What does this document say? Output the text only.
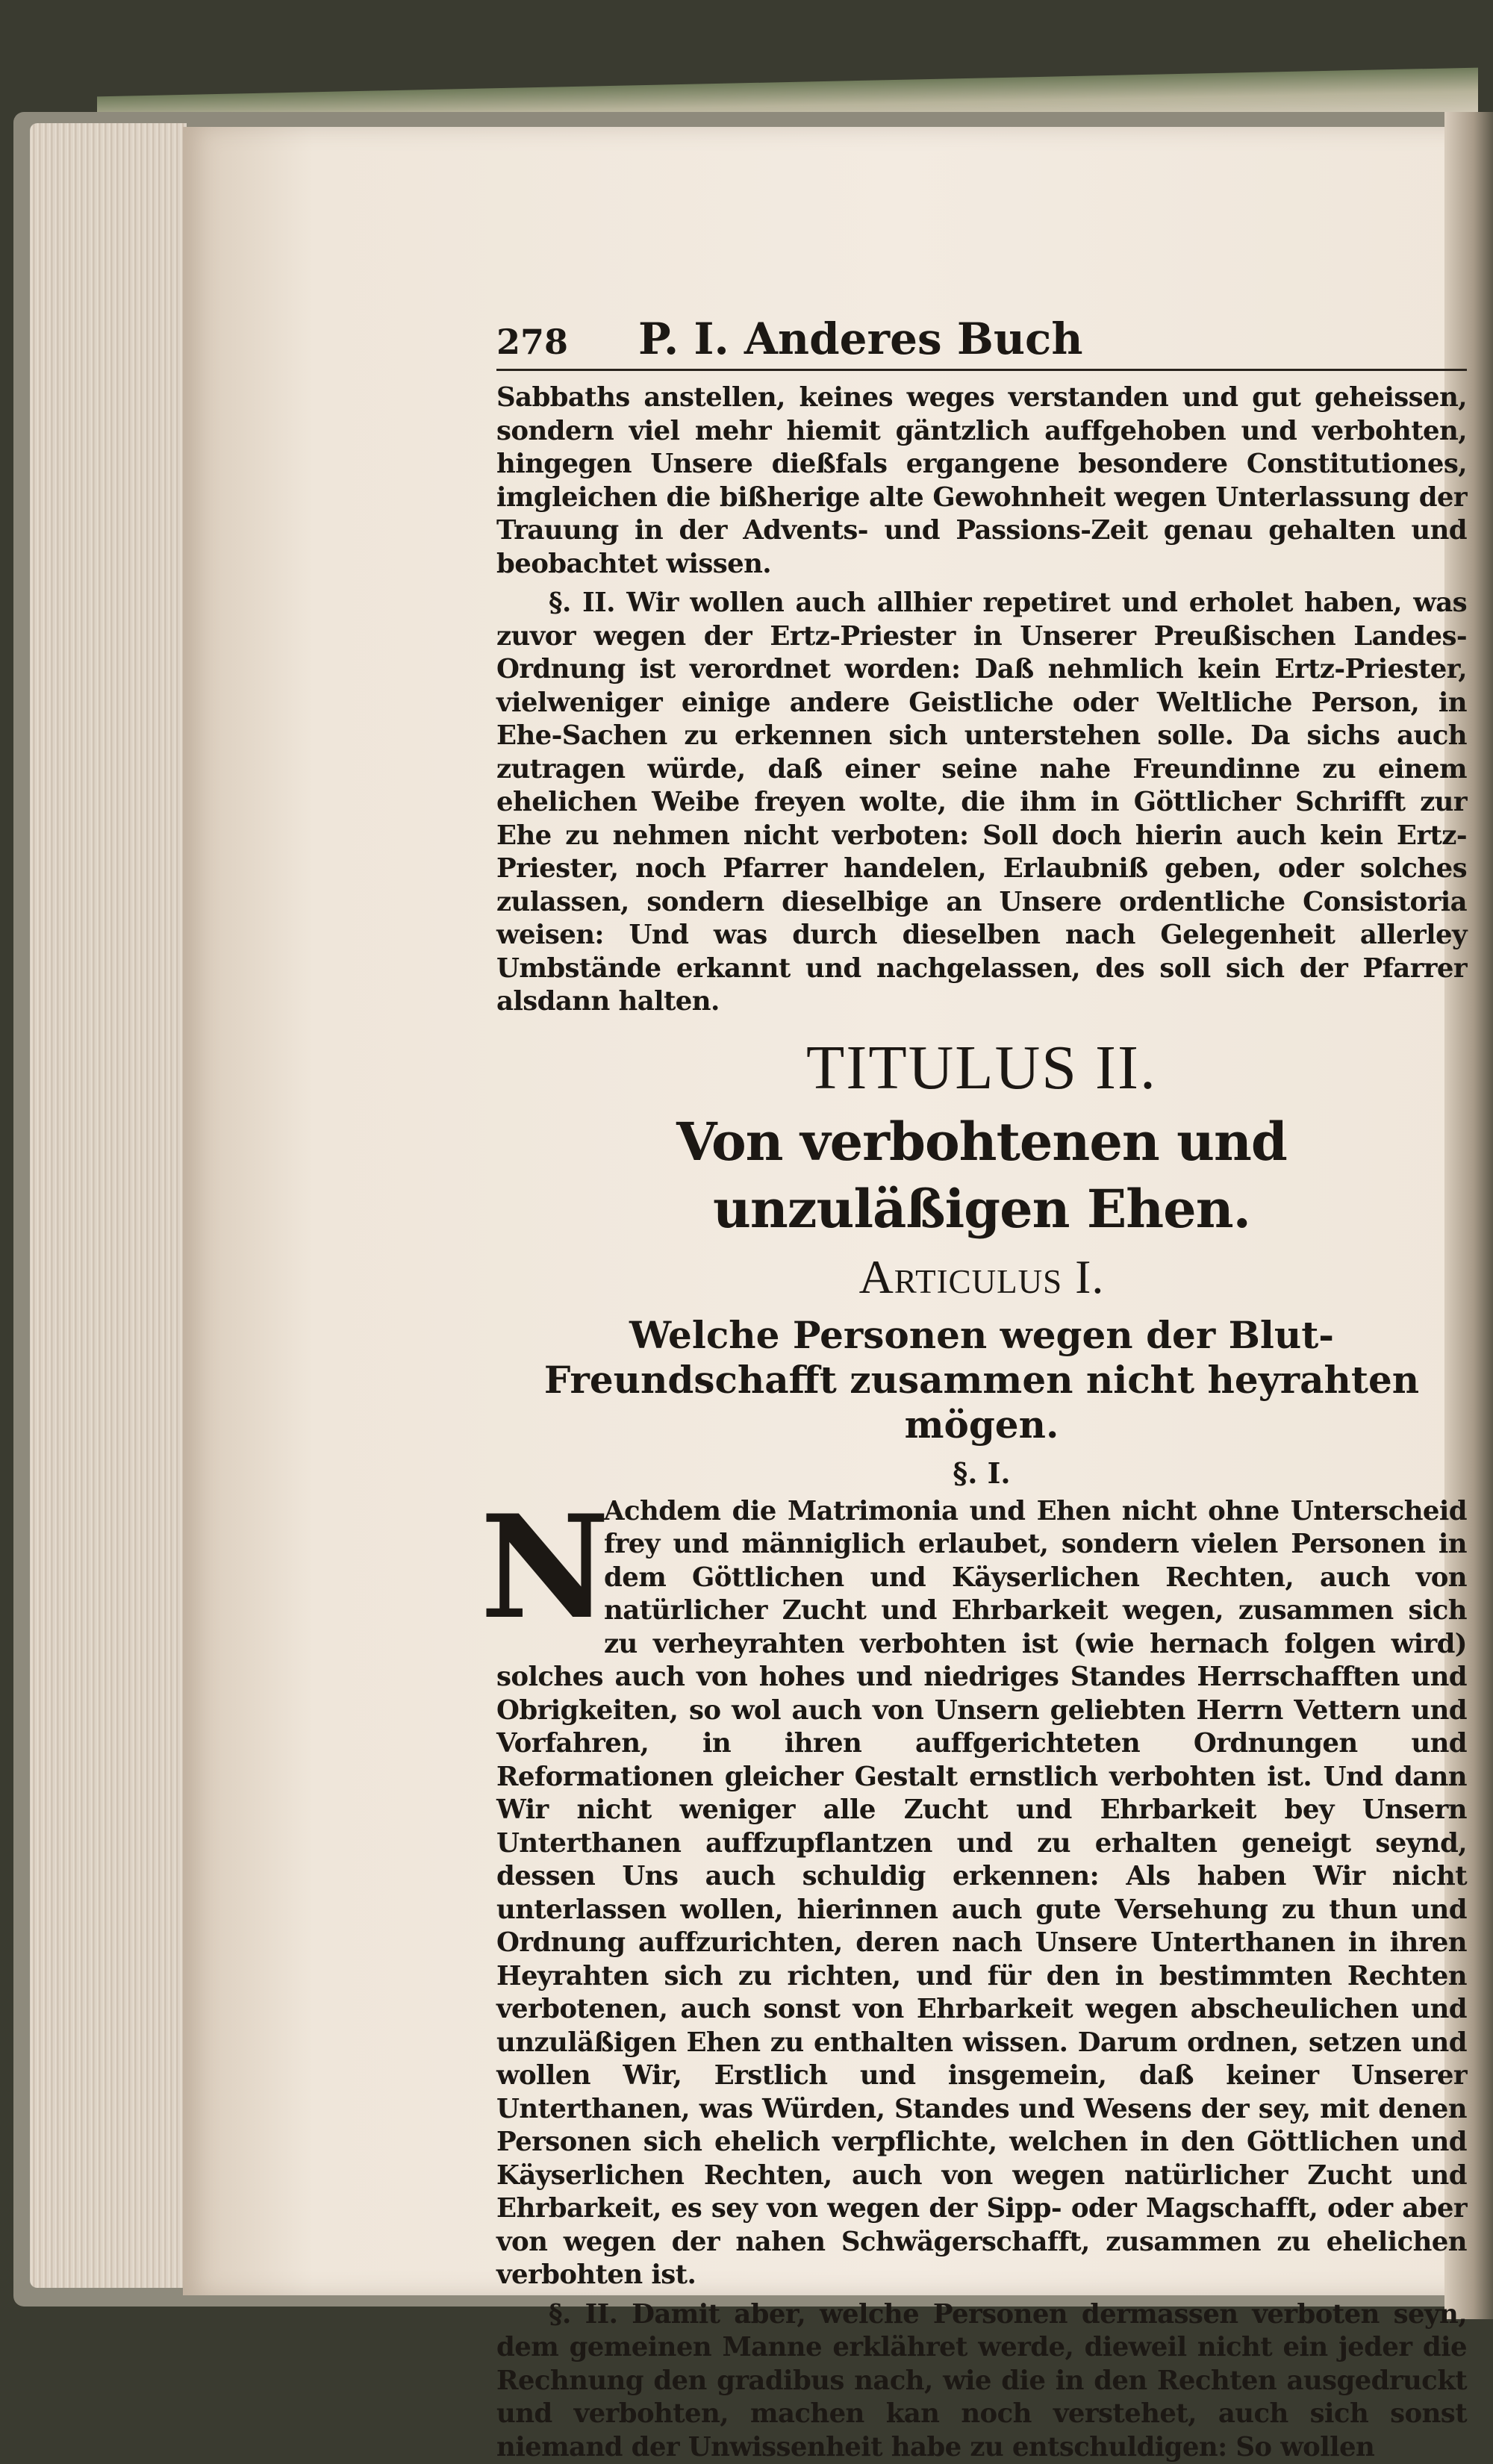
278	P. I. Anderes Buch

Sabbaths anstellen, keines weges verstanden und gut geheissen, sondern viel mehr hiemit gäntzlich auffgehoben und verbohten, hingegen Unsere dießfals ergangene besondere Constitutiones, imgleichen die bißherige alte Gewohnheit wegen Unterlassung der Trauung in der Advents- und Passions-Zeit genau gehalten und beobachtet wissen.

§. II. Wir wollen auch allhier repetiret und erholet haben, was zuvor wegen der Ertz-Priester in Unserer Preußischen Landes-Ordnung ist verordnet worden: Daß nehmlich kein Ertz-Priester, vielweniger einige andere Geistliche oder Weltliche Person, in Ehe-Sachen zu erkennen sich unterstehen solle. Da sichs auch zutragen würde, daß einer seine nahe Freundinne zu einem ehelichen Weibe freyen wolte, die ihm in Göttlicher Schrifft zur Ehe zu nehmen nicht verboten: Soll doch hierin auch kein Ertz-Priester, noch Pfarrer handelen, Erlaubniß geben, oder solches zulassen, sondern dieselbige an Unsere ordentliche Consistoria weisen: Und was durch dieselben nach Gelegenheit allerley Umbstände erkannt und nachgelassen, des soll sich der Pfarrer alsdann halten.

TITULUS II.
Von verbohtenen und unzuläßigen Ehen.
Articulus I.
Welche Personen wegen der Blut-Freundschafft zusammen nicht heyrahten mögen.
§. I.
N

Achdem die Matrimonia und Ehen nicht ohne Unterscheid frey und männiglich erlaubet, sondern vielen Personen in dem Göttlichen und Käyserlichen Rechten, auch von natürlicher Zucht und Ehrbarkeit wegen, zusammen sich zu verheyrahten verbohten ist (wie hernach folgen wird) solches auch von hohes und niedriges Standes Herrschafften und Obrigkeiten, so wol auch von Unsern geliebten Herrn Vettern und Vorfahren, in ihren auffgerichteten Ordnungen und Reformationen gleicher Gestalt ernstlich verbohten ist. Und dann Wir nicht weniger alle Zucht und Ehrbarkeit bey Unsern Unterthanen auffzupflantzen und zu erhalten geneigt seynd, dessen Uns auch schuldig erkennen: Als haben Wir nicht unterlassen wollen, hierinnen auch gute Versehung zu thun und Ordnung auffzurichten, deren nach Unsere Unterthanen in ihren Heyrahten sich zu richten, und für den in bestimmten Rechten verbotenen, auch sonst von Ehrbarkeit wegen abscheulichen und unzuläßigen Ehen zu enthalten wissen. Darum ordnen, setzen und wollen Wir, Erstlich und insgemein, daß keiner Unserer Unterthanen, was Würden, Standes und Wesens der sey, mit denen Personen sich ehelich verpflichte, welchen in den Göttlichen und Käyserlichen Rechten, auch von wegen natürlicher Zucht und Ehrbarkeit, es sey von wegen der Sipp- oder Magschafft, oder aber von wegen der nahen Schwägerschafft, zusammen zu ehelichen verbohten ist.

§. II. Damit aber, welche Personen dermassen verboten seyn, dem gemeinen Manne erklähret werde, dieweil nicht ein jeder die Rechnung den gradibus nach, wie die in den Rechten ausgedruckt und verbohten, machen kan noch verstehet, auch sich sonst niemand der Unwissenheit habe zu entschuldigen: So wollen
